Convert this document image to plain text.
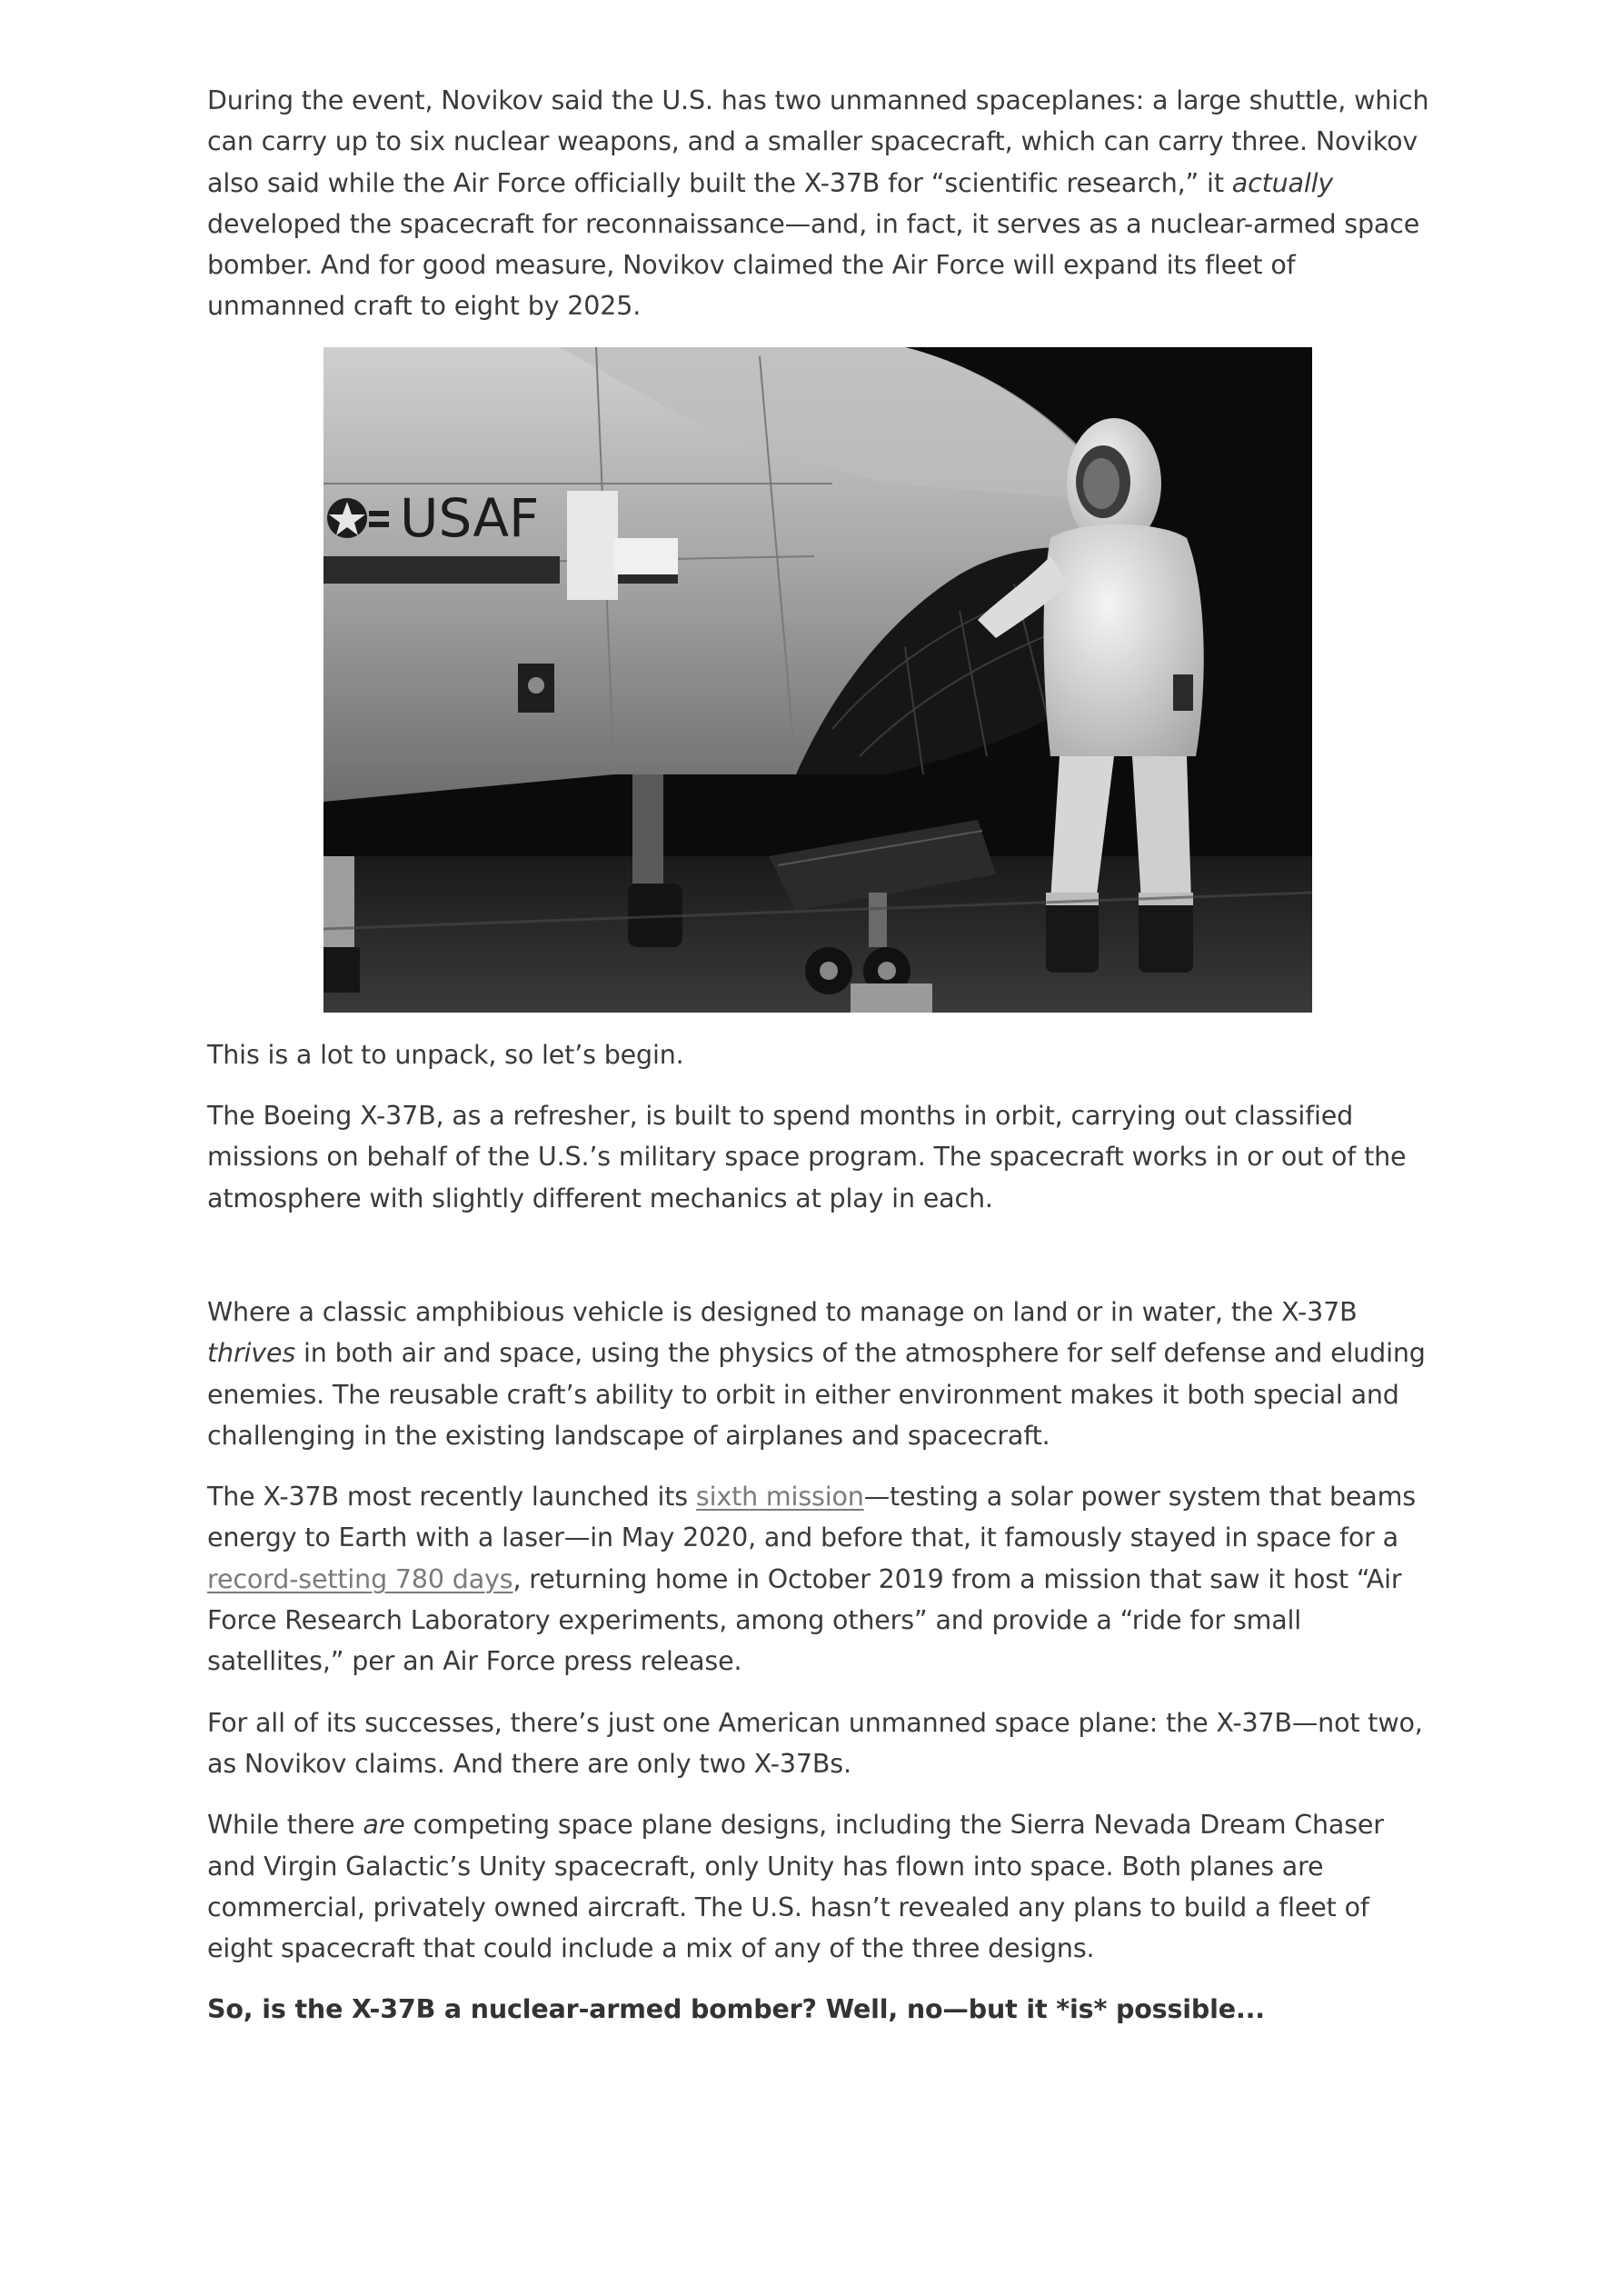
During the event, Novikov said the U.S. has two unmanned spaceplanes: a large shuttle, which can carry up to six nuclear weapons, and a smaller spacecraft, which can carry three. Novikov also said while the Air Force officially built the X-37B for “scientific research,” it actually developed the spacecraft for reconnaissance—and, in fact, it serves as a nuclear-armed space bomber. And for good measure, Novikov claimed the Air Force will expand its fleet of unmanned craft to eight by 2025.

USAF

This is a lot to unpack, so let’s begin.

The Boeing X-37B, as a refresher, is built to spend months in orbit, carrying out classified missions on behalf of the U.S.’s military space program. The spacecraft works in or out of the atmosphere with slightly different mechanics at play in each.

Where a classic amphibious vehicle is designed to manage on land or in water, the X-37B thrives in both air and space, using the physics of the atmosphere for self defense and eluding enemies. The reusable craft’s ability to orbit in either environment makes it both special and challenging in the existing landscape of airplanes and spacecraft.

The X-37B most recently launched its sixth mission—testing a solar power system that beams energy to Earth with a laser—in May 2020, and before that, it famously stayed in space for a record-setting 780 days, returning home in October 2019 from a mission that saw it host “Air Force Research Laboratory experiments, among others” and provide a “ride for small satellites,” per an Air Force press release.

For all of its successes, there’s just one American unmanned space plane: the X-37B—not two, as Novikov claims. And there are only two X-37Bs.

While there are competing space plane designs, including the Sierra Nevada Dream Chaser and Virgin Galactic’s Unity spacecraft, only Unity has flown into space. Both planes are commercial, privately owned aircraft. The U.S. hasn’t revealed any plans to build a fleet of eight spacecraft that could include a mix of any of the three designs.

So, is the X-37B a nuclear-armed bomber? Well, no—but it *is* possible...
